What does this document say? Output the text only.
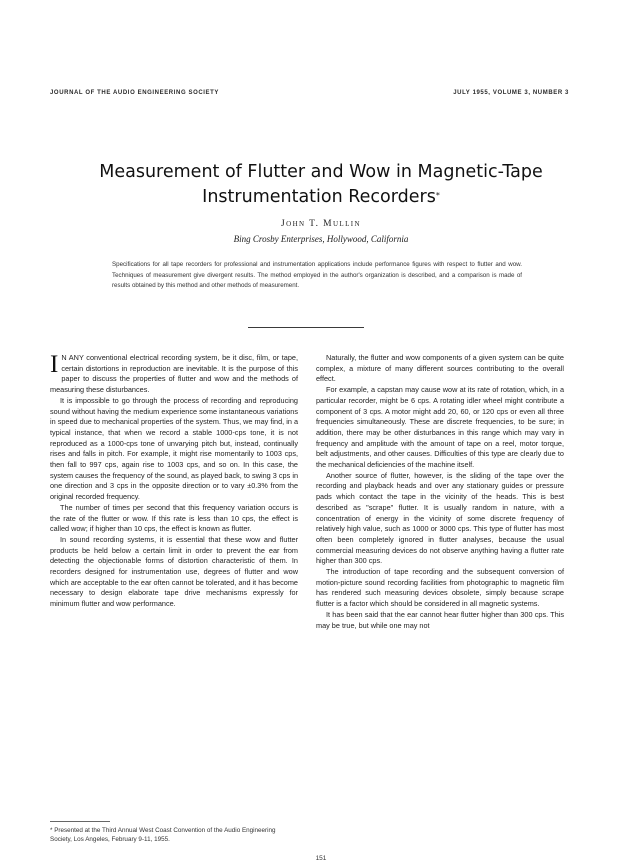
JOURNAL OF THE AUDIO ENGINEERING SOCIETY	JULY 1955, VOLUME 3, NUMBER 3
Measurement of Flutter and Wow in Magnetic-Tape
Instrumentation Recorders*
John T. Mullin
Bing Crosby Enterprises, Hollywood, California
Specifications for all tape recorders for professional and instrumentation applications include performance figures with respect to flutter and wow. Techniques of measurement give divergent results. The method employed in the author's organization is described, and a comparison is made of results obtained by this method and other methods of measurement.

I N ANY conventional electrical recording system, be it disc, film, or tape, certain distortions in reproduction are inevitable. It is the purpose of this paper to discuss the properties of flutter and wow and the methods of measuring these disturbances.

It is impossible to go through the process of recording and reproducing sound without having the medium experience some instantaneous variations in speed due to mechanical properties of the system. Thus, we may find, in a typical instance, that when we record a stable 1000-cps tone, it is not reproduced as a 1000-cps tone of unvarying pitch but, instead, continually rises and falls in pitch. For example, it might rise momentarily to 1003 cps, then fall to 997 cps, again rise to 1003 cps, and so on. In this case, the system causes the frequency of the sound, as played back, to swing 3 cps in one direction and 3 cps in the opposite direction or to vary ±0.3% from the original recorded frequency.

The number of times per second that this frequency variation occurs is the rate of the flutter or wow. If this rate is less than 10 cps, the effect is called wow; if higher than 10 cps, the effect is known as flutter.

In sound recording systems, it is essential that these wow and flutter products be held below a certain limit in order to prevent the ear from detecting the objectionable forms of distortion characteristic of them. In recorders designed for instrumentation use, degrees of flutter and wow which are acceptable to the ear often cannot be tolerated, and it has become necessary to design elaborate tape drive mechanisms expressly for minimum flutter and wow performance.

Naturally, the flutter and wow components of a given system can be quite complex, a mixture of many different sources contributing to the overall effect.

For example, a capstan may cause wow at its rate of rotation, which, in a particular recorder, might be 6 cps. A rotating idler wheel might contribute a component of 3 cps. A motor might add 20, 60, or 120 cps or even all three frequencies simultaneously. These are discrete frequencies, to be sure; in addition, there may be other disturbances in this range which may vary in frequency and amplitude with the amount of tape on a reel, motor torque, belt adjustments, and other causes. Difficulties of this type are clearly due to the mechanical deficiencies of the machine itself.

Another source of flutter, however, is the sliding of the tape over the recording and playback heads and over any stationary guides or pressure pads which contact the tape in the vicinity of the heads. This is best described as "scrape" flutter. It is usually random in nature, with a concentration of energy in the vicinity of some discrete frequency of relatively high value, such as 1000 or 3000 cps. This type of flutter has most often been completely ignored in flutter analyses, because the usual commercial measuring devices do not observe anything having a flutter rate higher than 300 cps.

The introduction of tape recording and the subsequent conversion of motion-picture sound recording facilities from photographic to magnetic film has rendered such measuring devices obsolete, simply because scrape flutter is a factor which should be considered in all magnetic systems.

It has been said that the ear cannot hear flutter higher than 300 cps. This may be true, but while one may not

* Presented at the Third Annual West Coast Convention of the Audio Engineering Society, Los Angeles, February 9-11, 1955.
151
